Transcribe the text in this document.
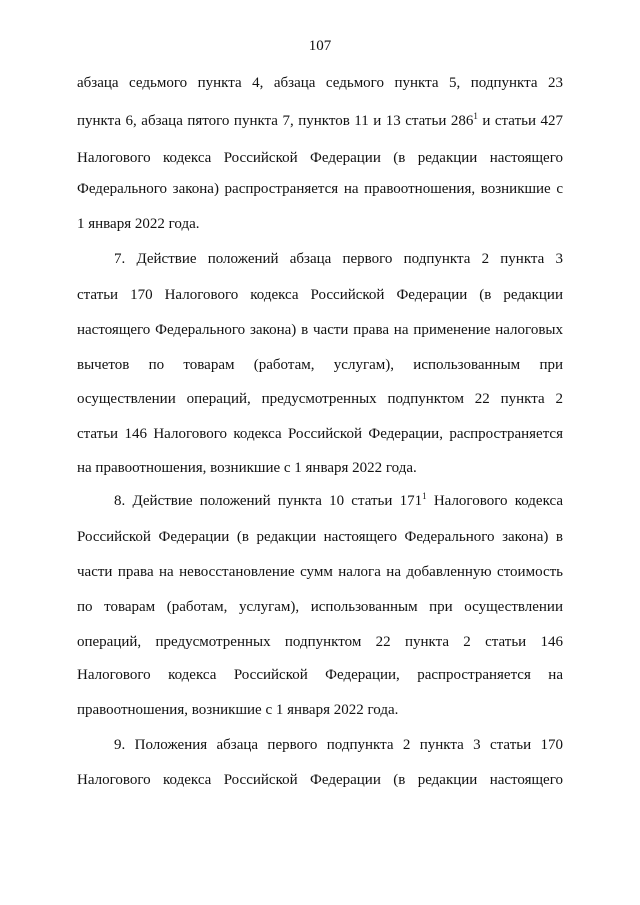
107
абзаца седьмого пункта 4, абзаца седьмого пункта 5, подпункта 23
пункта 6, абзаца пятого пункта 7, пунктов 11 и 13 статьи $286^1$ и статьи 427
Налогового кодекса Российской Федерации (в редакции настоящего
Федерального закона) распространяется на правоотношения, возникшие с
1 января 2022 года.
7. Действие положений абзаца первого подпункта 2 пункта 3
статьи 170 Налогового кодекса Российской Федерации (в редакции
настоящего Федерального закона) в части права на применение налоговых
вычетов по товарам (работам, услугам), использованным при
осуществлении операций, предусмотренных подпунктом 22 пункта 2
статьи 146 Налогового кодекса Российской Федерации, распространяется
на правоотношения, возникшие с 1 января 2022 года.
8. Действие положений пункта 10 статьи $171^1$ Налогового кодекса
Российской Федерации (в редакции настоящего Федерального закона) в
части права на невосстановление сумм налога на добавленную стоимость
по товарам (работам, услугам), использованным при осуществлении
операций, предусмотренных подпунктом 22 пункта 2 статьи 146
Налогового кодекса Российской Федерации, распространяется на
правоотношения, возникшие с 1 января 2022 года.
9. Положения абзаца первого подпункта 2 пункта 3 статьи 170
Налогового кодекса Российской Федерации (в редакции настоящего
